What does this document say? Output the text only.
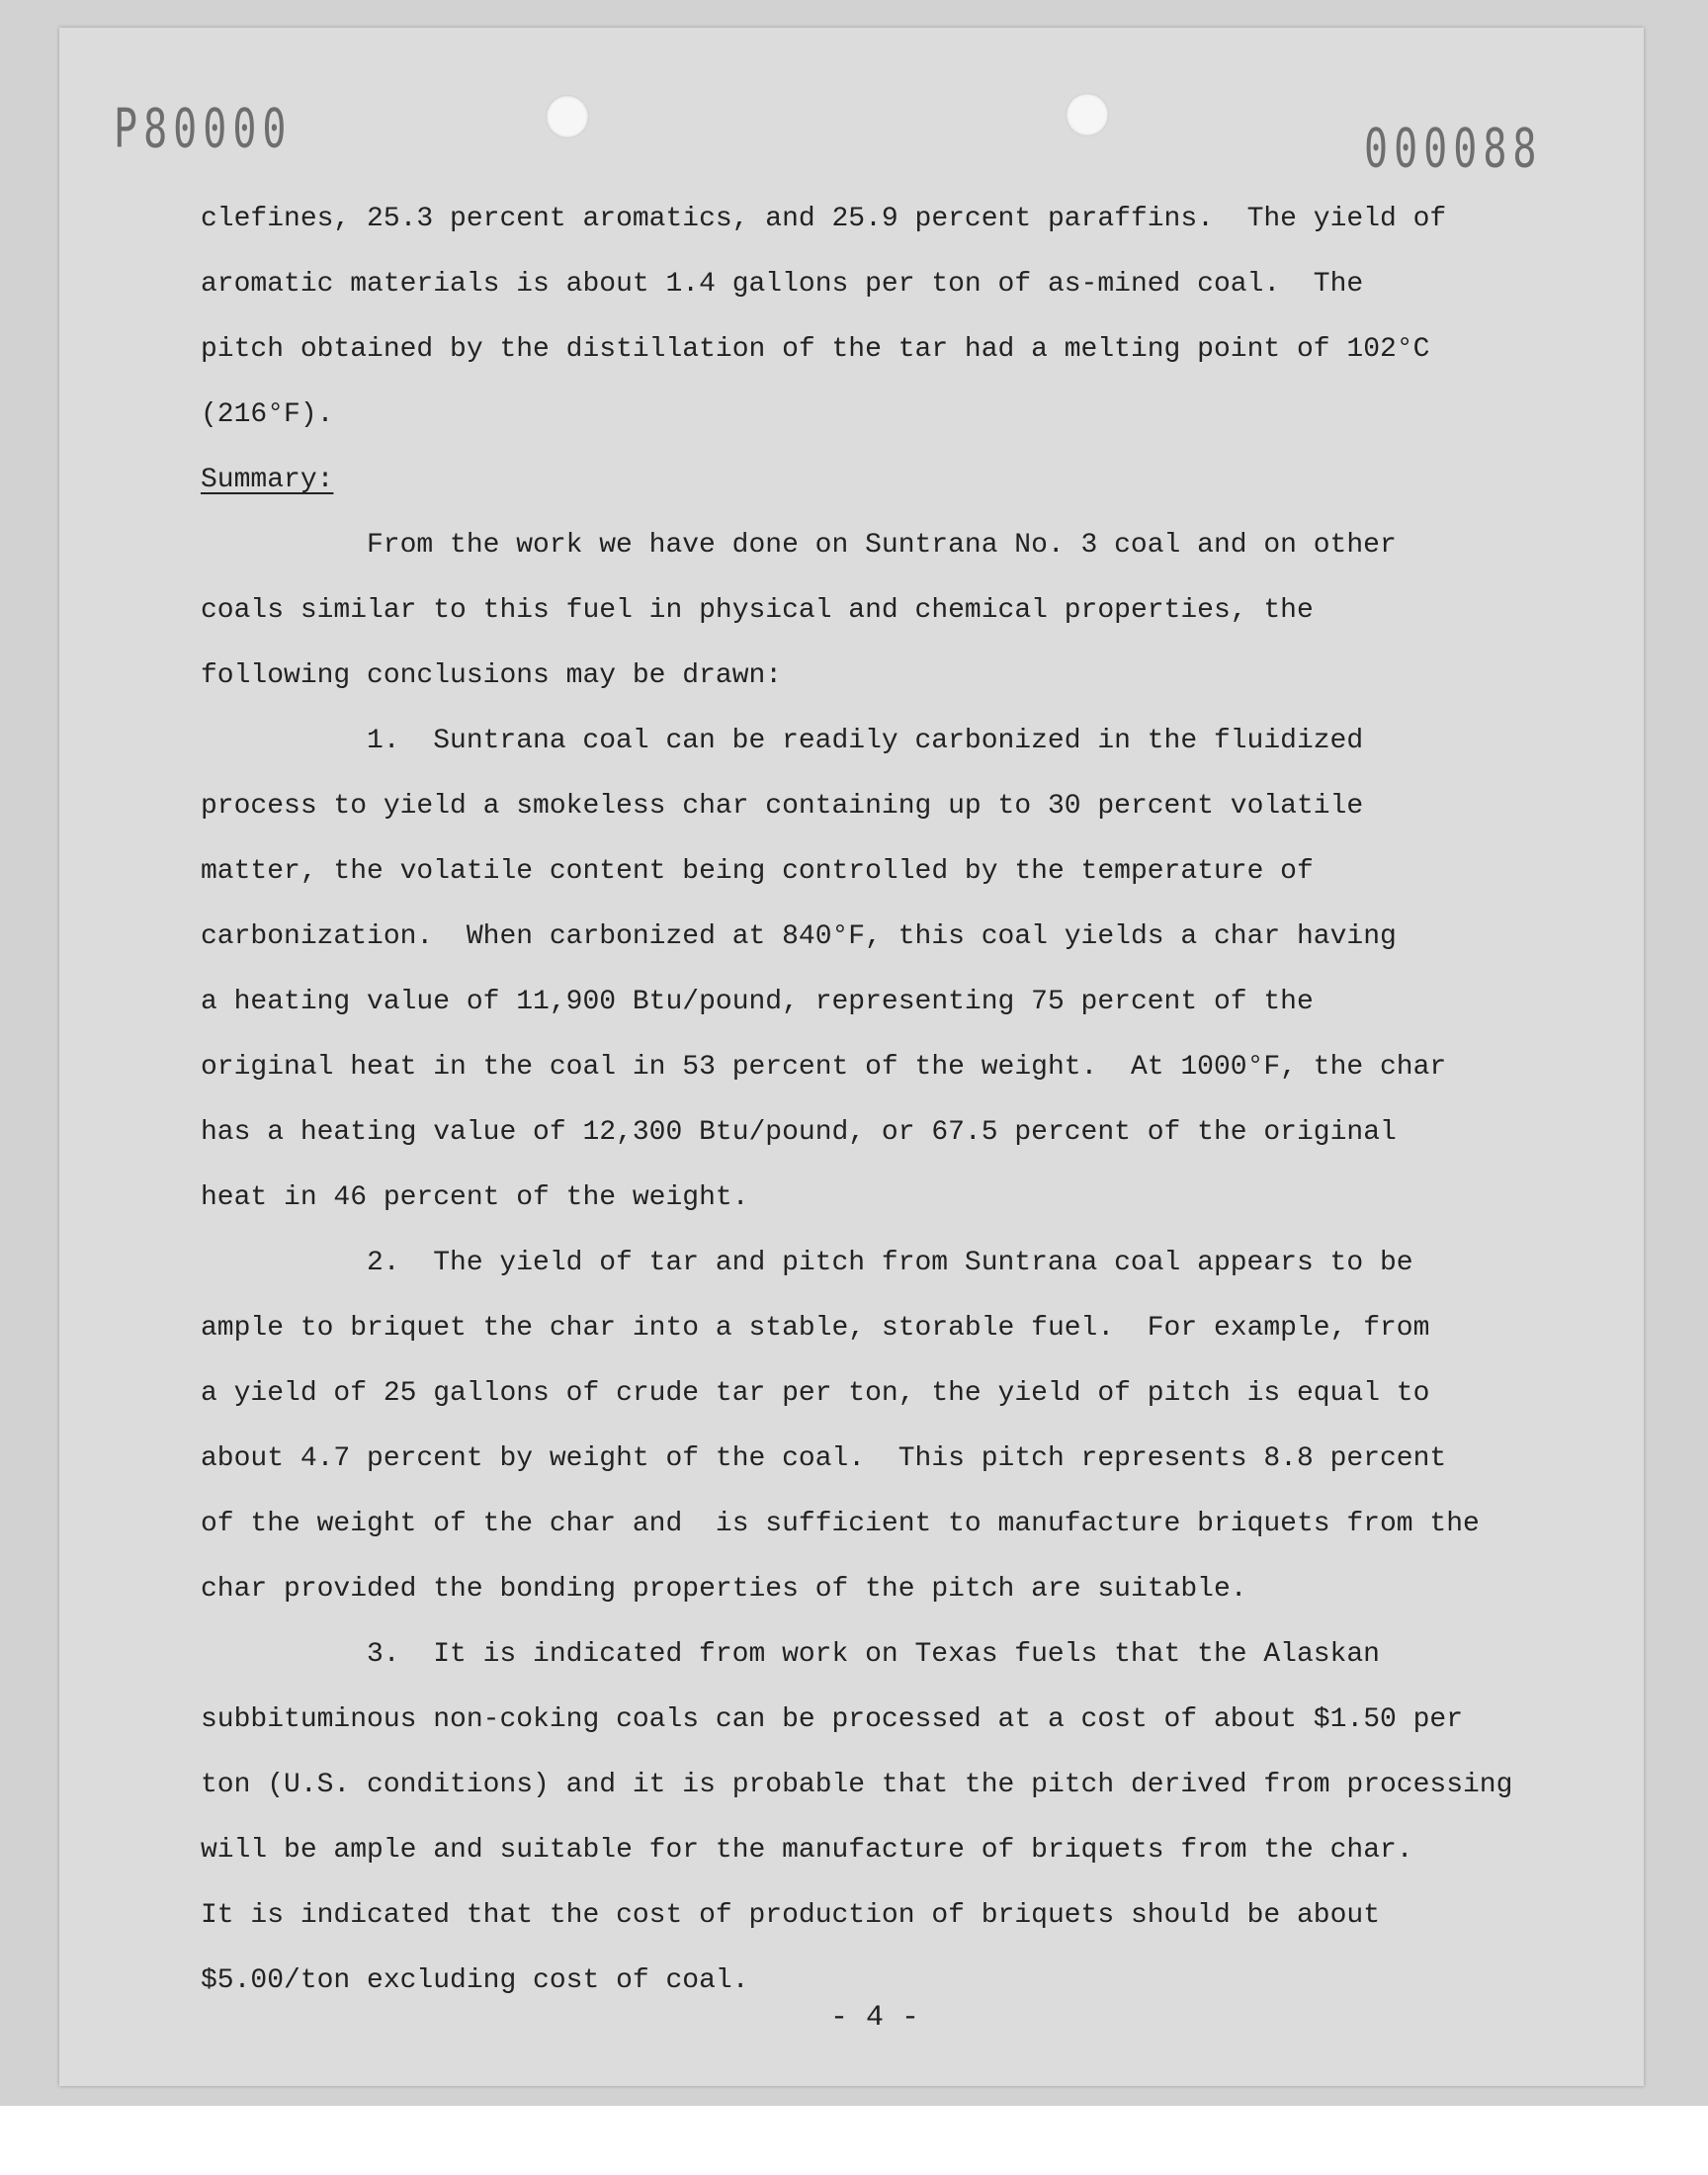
P80000	000088
clefines, 25.3 percent aromatics, and 25.9 percent paraffins.  The yield of
aromatic materials is about 1.4 gallons per ton of as-mined coal.  The
pitch obtained by the distillation of the tar had a melting point of 102°C
(216°F).
Summary:
From the work we have done on Suntrana No. 3 coal and on other
coals similar to this fuel in physical and chemical properties, the
following conclusions may be drawn:
1.  Suntrana coal can be readily carbonized in the fluidized
process to yield a smokeless char containing up to 30 percent volatile
matter, the volatile content being controlled by the temperature of
carbonization.  When carbonized at 840°F, this coal yields a char having
a heating value of 11,900 Btu/pound, representing 75 percent of the
original heat in the coal in 53 percent of the weight.  At 1000°F, the char
has a heating value of 12,300 Btu/pound, or 67.5 percent of the original
heat in 46 percent of the weight.
2.  The yield of tar and pitch from Suntrana coal appears to be
ample to briquet the char into a stable, storable fuel.  For example, from
a yield of 25 gallons of crude tar per ton, the yield of pitch is equal to
about 4.7 percent by weight of the coal.  This pitch represents 8.8 percent
of the weight of the char and  is sufficient to manufacture briquets from the
char provided the bonding properties of the pitch are suitable.
3.  It is indicated from work on Texas fuels that the Alaskan
subbituminous non-coking coals can be processed at a cost of about $1.50 per
ton (U.S. conditions) and it is probable that the pitch derived from processing
will be ample and suitable for the manufacture of briquets from the char.
It is indicated that the cost of production of briquets should be about
$5.00/ton excluding cost of coal.
- 4 -
